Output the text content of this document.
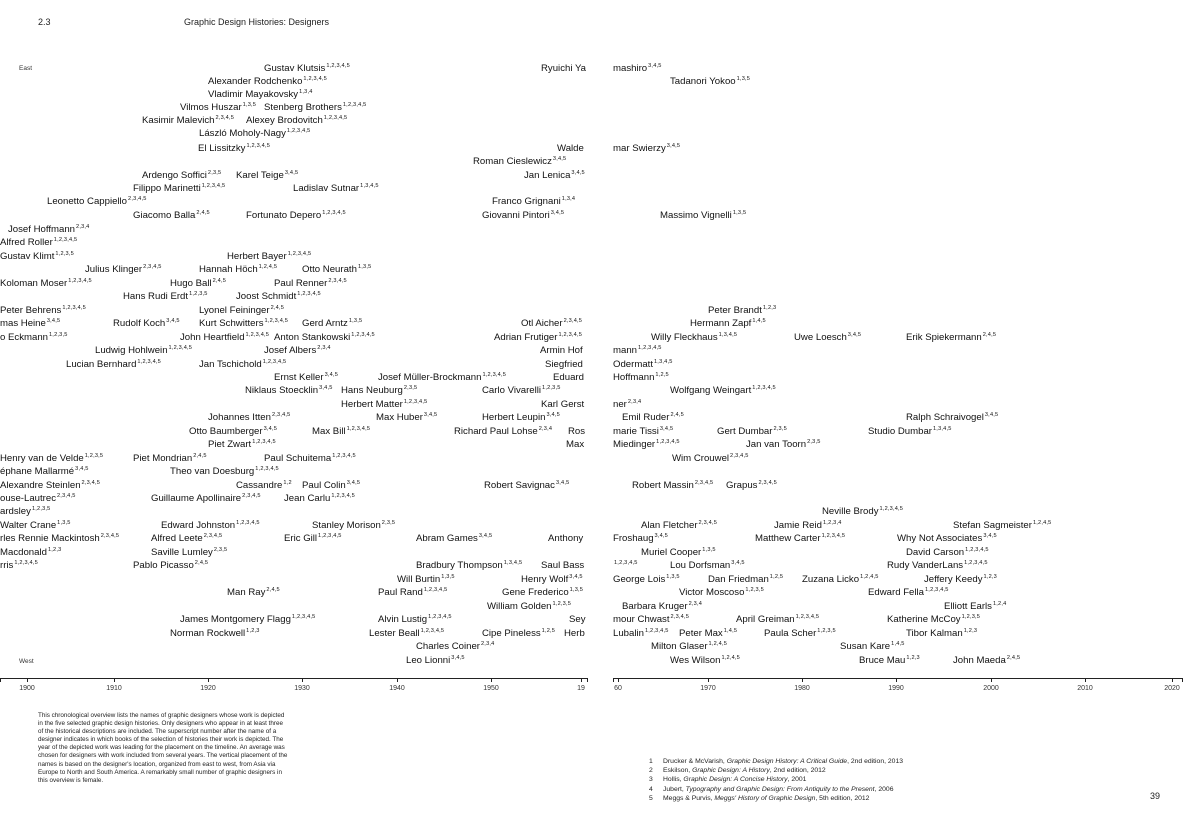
2.3	Graphic Design Histories: Designers
East
West
Gustav Klutsis$^{1,2,3,4,5}$	Ryuichi Ya
Alexander Rodchenko$^{1,2,3,4,5}$
Vladimir Mayakovsky$^{1,3,4}$
Vilmos Huszar$^{1,3,5}$ Stenberg Brothers$^{1,2,3,4,5}$
Kasimir Malevich$^{2,3,4,5}$ Alexey Brodovitch$^{1,2,3,4,5}$
László Moholy-Nagy$^{1,2,3,4,5}$
El Lissitzky$^{1,2,3,4,5}$	Walde
Roman Cieslewicz$^{3,4,5}$
Ardengo Soffici$^{2,3,5}$ Karel Teige$^{3,4,5}$	Jan Lenica$^{3,4,5}$
Filippo Marinetti$^{1,2,3,4,5}$	Ladislav Sutnar$^{1,3,4,5}$
Leonetto Cappiello$^{2,3,4,5}$	Franco Grignani$^{1,3,4}$
Giacomo Balla$^{2,4,5}$	Fortunato Depero$^{1,2,3,4,5}$	Giovanni Pintori$^{3,4,5}$
Josef Hoffmann$^{2,3,4}$
Alfred Roller$^{1,2,3,4,5}$
Herbert Bayer$^{1,2,3,4,5}$
Gustav Klimt$^{1,2,3,5}$
Julius Klinger$^{2,3,4,5}$	Hannah Höch$^{1,2,4,5}$	Otto Neurath$^{1,3,5}$
Koloman Moser$^{1,2,3,4,5}$	Hugo Ball$^{2,4,5}$	Paul Renner$^{2,3,4,5}$
Hans Rudi Erdt$^{1,2,3,5}$	Joost Schmidt$^{1,2,3,4,5}$
Lyonel Feininger$^{2,4,5}$
Peter Behrens$^{1,2,3,4,5}$
mas Heine$^{3,4,5}$	Rudolf Koch$^{3,4,5}$ Kurt Schwitters$^{1,2,3,4,5}$ Gerd Arntz$^{1,3,5}$	Otl Aicher$^{2,3,4,5}$
o Eckmann$^{1,2,3,5}$	John Heartfield$^{1,2,3,4,5}$ Anton Stankowski$^{1,2,3,4,5}$	Adrian Frutiger$^{1,2,3,4,5}$
Ludwig Hohlwein$^{1,2,3,4,5}$	Josef Albers$^{2,3,4}$	Armin Hof
Lucian Bernhard$^{1,2,3,4,5}$	Jan Tschichold$^{1,2,3,4,5}$	Siegfried
Ernst Keller$^{3,4,5}$	Josef Müller-Brockmann$^{1,2,3,4,5}$	Eduard
Niklaus Stoecklin$^{3,4,5}$ Hans Neuburg$^{2,3,5}$	Carlo Vivarelli$^{1,2,3,5}$
Herbert Matter$^{1,2,3,4,5}$	Karl Gerst
Johannes Itten$^{2,3,4,5}$	Max Huber$^{3,4,5}$	Herbert Leupin$^{3,4,5}$
Otto Baumberger$^{3,4,5}$	Max Bill$^{1,2,3,4,5}$	Richard Paul Lohse$^{2,3,4}$ Ros
Piet Zwart$^{1,2,3,4,5}$	Max
Henry van de Velde$^{1,2,3,5}$	Piet Mondrian$^{2,4,5}$	Paul Schuitema$^{1,2,3,4,5}$
éphane Mallarmé$^{3,4,5}$	Theo van Doesburg$^{1,2,3,4,5}$
Alexandre Steinlen$^{2,3,4,5}$	Cassandre$^{1,2}$ Paul Colin$^{3,4,5}$	Robert Savignac$^{3,4,5}$
ouse-Lautrec$^{2,3,4,5}$	Guillaume Apollinaire$^{2,3,4,5}$ Jean Carlu$^{1,2,3,4,5}$
ardsley$^{1,2,3,5}$
Walter Crane$^{1,3,5}$	Edward Johnston$^{1,2,3,4,5}$	Stanley Morison$^{2,3,5}$
rles Rennie Mackintosh$^{2,3,4,5}$	Alfred Leete$^{2,3,4,5}$	Eric Gill$^{1,2,3,4,5}$	Abram Games$^{3,4,5}$	Anthony
Macdonald$^{1,2,3}$	Saville Lumley$^{2,3,5}$
rris$^{1,2,3,4,5}$	Pablo Picasso$^{2,4,5}$	Bradbury Thompson$^{1,3,4,5}$ Saul Bass
Will Burtin$^{1,3,5}$	Henry Wolf$^{3,4,5}$
Man Ray$^{2,4,5}$	Paul Rand$^{1,2,3,4,5}$	Gene Frederico$^{1,3,5}$
William Golden$^{1,2,3,5}$
James Montgomery Flagg$^{1,2,3,4,5}$	Alvin Lustig$^{1,2,3,4,5}$	Sey
Norman Rockwell$^{1,2,3}$	Lester Beall$^{1,2,3,4,5}$	Cipe Pineless$^{1,2,5}$ Herb
Charles Coiner$^{2,3,4}$
Leo Lionni$^{3,4,5}$
mashiro$^{3,4,5}$
Tadanori Yokoo$^{1,3,5}$
mar Swierzy$^{3,4,5}$
Massimo Vignelli$^{1,3,5}$
Peter Brandt$^{1,2,3}$
Hermann Zapf$^{1,4,5}$
Willy Fleckhaus$^{1,3,4,5}$	Uwe Loesch$^{3,4,5}$	Erik Spiekermann$^{2,4,5}$
mann$^{1,2,3,4,5}$
Odermatt$^{1,3,4,5}$
Hoffmann$^{1,2,5}$
Wolfgang Weingart$^{1,2,3,4,5}$
ner$^{2,3,4}$
Emil Ruder$^{2,4,5}$	Ralph Schraivogel$^{3,4,5}$
marie Tissi$^{3,4,5}$	Gert Dumbar$^{2,3,5}$	Studio Dumbar$^{1,3,4,5}$
Miedinger$^{1,2,3,4,5}$	Jan van Toorn$^{2,3,5}$
Wim Crouwel$^{2,3,4,5}$
Robert Massin$^{2,3,4,5}$ Grapus$^{2,3,4,5}$
Neville Brody$^{1,2,3,4,5}$
Alan Fletcher$^{2,3,4,5}$	Jamie Reid$^{1,2,3,4}$	Stefan Sagmeister$^{1,2,4,5}$
Froshaug$^{3,4,5}$	Matthew Carter$^{1,2,3,4,5}$	Why Not Associates$^{3,4,5}$
Muriel Cooper$^{1,3,5}$	David Carson$^{1,2,3,4,5}$
$^{1,2,3,4,5}$	Lou Dorfsman$^{3,4,5}$	Rudy VanderLans$^{1,2,3,4,5}$
George Lois$^{1,3,5}$	Dan Friedman$^{1,2,5}$ Zuzana Licko$^{1,2,4,5}$	Jeffery Keedy$^{1,2,3}$
Victor Moscoso$^{1,2,3,5}$	Edward Fella$^{1,2,3,4,5}$
Barbara Kruger$^{2,3,4}$	Elliott Earls$^{1,2,4}$
mour Chwast$^{2,3,4,5}$	April Greiman$^{1,2,3,4,5}$	Katherine McCoy$^{1,2,3,5}$
Lubalin$^{1,2,3,4,5}$ Peter Max$^{1,4,5}$	Paula Scher$^{1,2,3,5}$	Tibor Kalman$^{1,2,3}$
Milton Glaser$^{1,2,4,5}$	Susan Kare$^{1,4,5}$
Wes Wilson$^{1,2,4,5}$	Bruce Mau$^{1,2,3}$	John Maeda$^{2,4,5}$
1900	1910	1920	1930	1940	1950	19	60	1970	1980	1990	2000	2010	2020
This chronological overview lists the names of graphic designers whose work is depicted in the five selected graphic design histories. Only designers who appear in at least three of the historical descriptions are included. The superscript number after the name of a designer indicates in which books of the selection of histories their work is depicted. The year of the depicted work was leading for the placement on the timeline. An average was chosen for designers with work included from several years. The vertical placement of the names is based on the designer's location, organized from east to west, from Asia via Europe to North and South America. A remarkably small number of graphic designers in this overview is female.
1 Drucker & McVarish, Graphic Design History: A Critical Guide, 2nd edition, 2013
2 Eskilson, Graphic Design: A History, 2nd edition, 2012
3 Hollis, Graphic Design: A Concise History, 2001
4 Jubert, Typography and Graphic Design: From Antiquity to the Present, 2006
5 Meggs & Purvis, Meggs' History of Graphic Design, 5th edition, 2012	39
